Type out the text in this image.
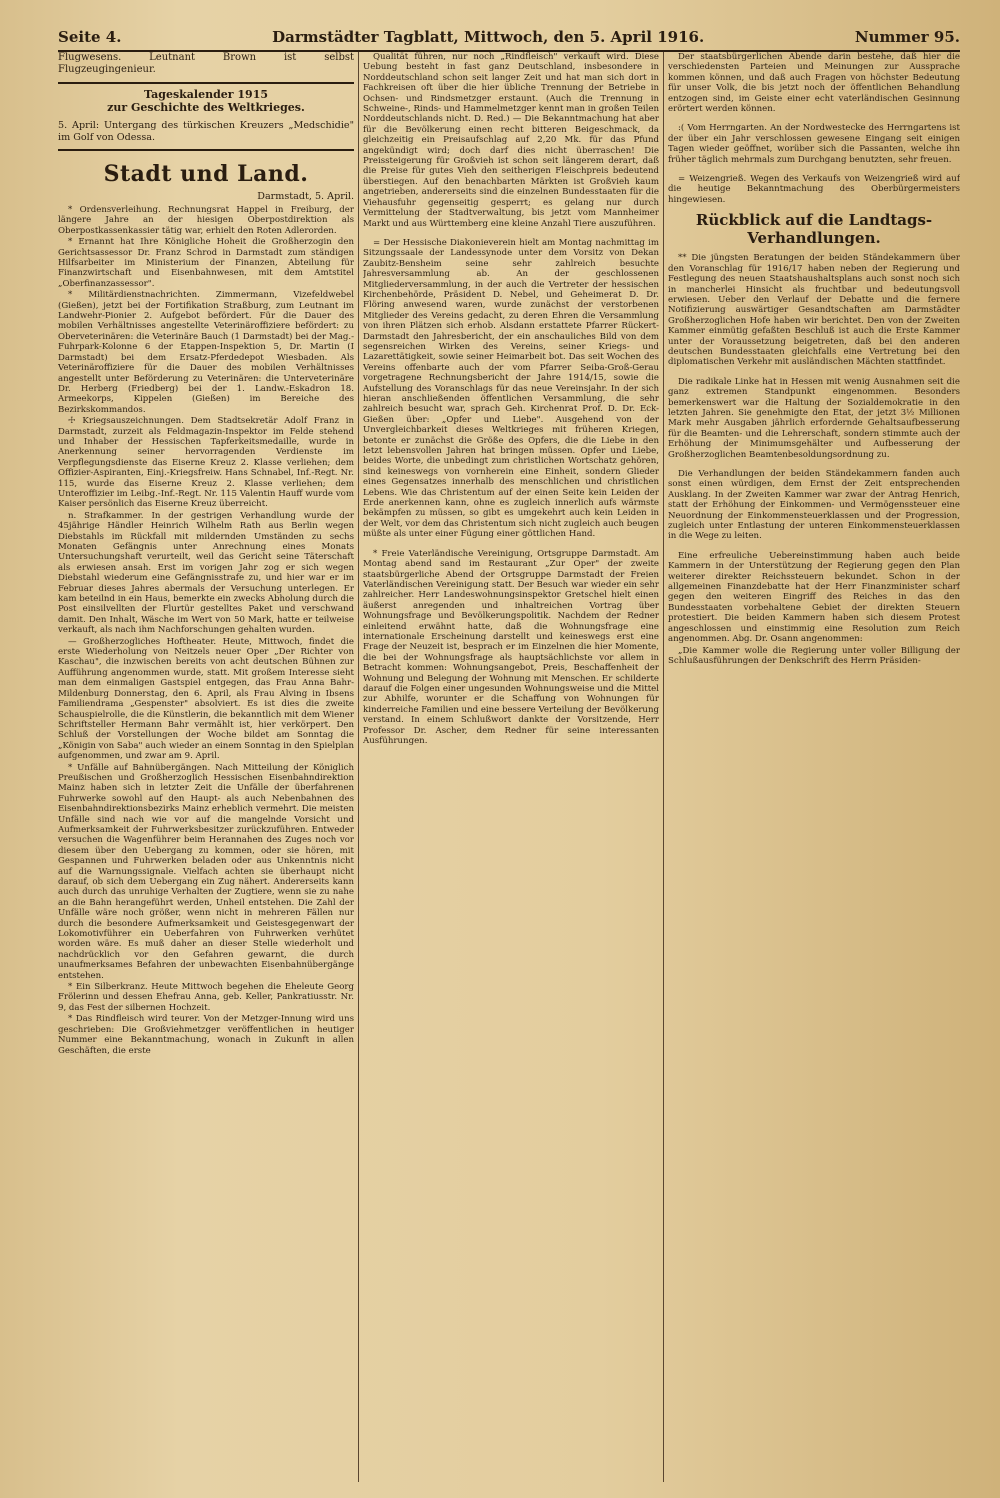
Seite 4.	Darmstädter Tagblatt, Mittwoch, den 5. April 1916.	Nummer 95.

Flugwesens. Leutnant Brown ist selbst Flugzeugingenieur.

Tageskalender 1915
zur Geschichte des Weltkrieges.

5. April: Untergang des türkischen Kreuzers „Medschidie" im Golf von Odessa.

Stadt und Land.
Darmstadt, 5. April.

* Ordensverleihung. Rechnungsrat Happel in Freiburg, der längere Jahre an der hiesigen Oberpostdirektion als Oberpostkassenkassier tätig war, erhielt den Roten Adlerorden.

* Ernannt hat Ihre Königliche Hoheit die Großherzogin den Gerichtsassessor Dr. Franz Schrod in Darmstadt zum ständigen Hilfsarbeiter im Ministerium der Finanzen, Abteilung für Finanzwirtschaft und Eisenbahnwesen, mit dem Amtstitel „Oberfinanzassessor".

* Militärdienstnachrichten. Zimmermann, Vizefeldwebel (Gießen), jetzt bei der Fortifikation Straßburg, zum Leutnant im Landwehr-Pionier 2. Aufgebot befördert. Für die Dauer des mobilen Verhältnisses angestellte Veterinäroffiziere befördert: zu Oberveterinären: die Veterinäre Bauch (1 Darmstadt) bei der Mag.-Fuhrpark-Kolonne 6 der Etappen-Inspektion 5, Dr. Martin (I Darmstadt) bei dem Ersatz-Pferdedepot Wiesbaden. Als Veterinäroffiziere für die Dauer des mobilen Verhältnisses angestellt unter Beförderung zu Veterinären: die Unterveterinäre Dr. Herberg (Friedberg) bei der 1. Landw.-Eskadron 18. Armeekorps, Kippelen (Gießen) im Bereiche des Bezirkskommandos.

☩ Kriegsauszeichnungen. Dem Stadtsekretär Adolf Franz in Darmstadt, zurzeit als Feldmagazin-Inspektor im Felde stehend und Inhaber der Hessischen Tapferkeitsmedaille, wurde in Anerkennung seiner hervorragenden Verdienste im Verpflegungsdienste das Eiserne Kreuz 2. Klasse verliehen; dem Offizier-Aspiranten, Einj.-Kriegsfreiw. Hans Schnabel, Inf.-Regt. Nr. 115, wurde das Eiserne Kreuz 2. Klasse verliehen; dem Unteroffizier im Leibg.-Inf.-Regt. Nr. 115 Valentin Hauff wurde vom Kaiser persönlich das Eiserne Kreuz überreicht.

n. Strafkammer. In der gestrigen Verhandlung wurde der 45jährige Händler Heinrich Wilhelm Rath aus Berlin wegen Diebstahls im Rückfall mit mildernden Umständen zu sechs Monaten Gefängnis unter Anrechnung eines Monats Untersuchungshaft verurteilt, weil das Gericht seine Täterschaft als erwiesen ansah. Erst im vorigen Jahr zog er sich wegen Diebstahl wiederum eine Gefängnisstrafe zu, und hier war er im Februar dieses Jahres abermals der Versuchung unterlegen. Er kam beteilnd in ein Haus, bemerkte ein zwecks Abholung durch die Post einsilvellten der Flurtür gestelltes Paket und verschwand damit. Den Inhalt, Wäsche im Wert von 50 Mark, hatte er teilweise verkauft, als nach ihm Nachforschungen gehalten wurden.

— Großherzogliches Hoftheater. Heute, Mittwoch, findet die erste Wiederholung von Neitzels neuer Oper „Der Richter von Kaschau", die inzwischen bereits von acht deutschen Bühnen zur Aufführung angenommen wurde, statt. Mit großem Interesse sieht man dem einmaligen Gastspiel entgegen, das Frau Anna Bahr-Mildenburg Donnerstag, den 6. April, als Frau Alving in Ibsens Familiendrama „Gespenster" absolviert. Es ist dies die zweite Schauspielrolle, die die Künstlerin, die bekanntlich mit dem Wiener Schriftsteller Hermann Bahr vermählt ist, hier verkörpert. Den Schluß der Vorstellungen der Woche bildet am Sonntag die „Königin von Saba" auch wieder an einem Sonntag in den Spielplan aufgenommen, und zwar am 9. April.

* Unfälle auf Bahnübergängen. Nach Mitteilung der Königlich Preußischen und Großherzoglich Hessischen Eisenbahndirektion Mainz haben sich in letzter Zeit die Unfälle der überfahrenen Fuhrwerke sowohl auf den Haupt- als auch Nebenbahnen des Eisenbahndirektionsbezirks Mainz erheblich vermehrt. Die meisten Unfälle sind nach wie vor auf die mangelnde Vorsicht und Aufmerksamkeit der Fuhrwerksbesitzer zurückzuführen. Entweder versuchen die Wagenführer beim Herannahen des Zuges noch vor diesem über den Uebergang zu kommen, oder sie hören, mit Gespannen und Fuhrwerken beladen oder aus Unkenntnis nicht auf die Warnungssignale. Vielfach achten sie überhaupt nicht darauf, ob sich dem Uebergang ein Zug nähert. Andererseits kann auch durch das unruhige Verhalten der Zugtiere, wenn sie zu nahe an die Bahn herangeführt werden, Unheil entstehen. Die Zahl der Unfälle wäre noch größer, wenn nicht in mehreren Fällen nur durch die besondere Aufmerksamkeit und Geistesgegenwart der Lokomotivführer ein Ueberfahren von Fuhrwerken verhütet worden wäre. Es muß daher an dieser Stelle wiederholt und nachdrücklich vor den Gefahren gewarnt, die durch unaufmerksames Befahren der unbewachten Eisenbahnübergänge entstehen.

* Ein Silberkranz. Heute Mittwoch begehen die Eheleute Georg Frölerinn und dessen Ehefrau Anna, geb. Keller, Pankratiusstr. Nr. 9, das Fest der silbernen Hochzeit.

* Das Rindfleisch wird teurer. Von der Metzger-Innung wird uns geschrieben: Die Großviehmetzger veröffentlichen in heutiger Nummer eine Bekanntmachung, wonach in Zukunft in allen Geschäften, die erste

Qualität führen, nur noch „Rindfleisch" verkauft wird. Diese Uebung besteht in fast ganz Deutschland, insbesondere in Norddeutschland schon seit langer Zeit und hat man sich dort in Fachkreisen oft über die hier übliche Trennung der Betriebe in Ochsen- und Rindsmetzger erstaunt. (Auch die Trennung in Schweine-, Rinds- und Hammelmetzger kennt man in großen Teilen Norddeutschlands nicht. D. Red.) — Die Bekanntmachung hat aber für die Bevölkerung einen recht bitteren Beigeschmack, da gleichzeitig ein Preisaufschlag auf 2,20 Mk. für das Pfund angekündigt wird; doch darf dies nicht überraschen! Die Preissteigerung für Großvieh ist schon seit längerem derart, daß die Preise für gutes Vieh den seitherigen Fleischpreis bedeutend überstiegen. Auf den benachbarten Märkten ist Großvieh kaum angetrieben, andererseits sind die einzelnen Bundesstaaten für die Viehausfuhr gegenseitig gesperrt; es gelang nur durch Vermittelung der Stadtverwaltung, bis jetzt vom Mannheimer Markt und aus Württemberg eine kleine Anzahl Tiere auszuführen.

= Der Hessische Diakonieverein hielt am Montag nachmittag im Sitzungssaale der Landessynode unter dem Vorsitz von Dekan Zaubitz-Bensheim seine sehr zahlreich besuchte Jahresversammlung ab. An der geschlossenen Mitgliederversammlung, in der auch die Vertreter der hessischen Kirchenbehörde, Präsident D. Nebel, und Geheimerat D. Dr. Flöring anwesend waren, wurde zunächst der verstorbenen Mitglieder des Vereins gedacht, zu deren Ehren die Versammlung von ihren Plätzen sich erhob. Alsdann erstattete Pfarrer Rückert-Darmstadt den Jahresbericht, der ein anschauliches Bild von dem segensreichen Wirken des Vereins, seiner Kriegs- und Lazarettätigkeit, sowie seiner Heimarbeit bot. Das seit Wochen des Vereins offenbarte auch der vom Pfarrer Seiba-Groß-Gerau vorgetragene Rechnungsbericht der Jahre 1914/15, sowie die Aufstellung des Voranschlags für das neue Vereinsjahr. In der sich hieran anschließenden öffentlichen Versammlung, die sehr zahlreich besucht war, sprach Geh. Kirchenrat Prof. D. Dr. Eck-Gießen über: „Opfer und Liebe". Ausgehend von der Unvergleichbarkeit dieses Weltkrieges mit früheren Kriegen, betonte er zunächst die Größe des Opfers, die die Liebe in den letzt lebensvollen Jahren hat bringen müssen. Opfer und Liebe, beides Worte, die unbedingt zum christlichen Wortschatz gehören, sind keineswegs von vornherein eine Einheit, sondern Glieder eines Gegensatzes innerhalb des menschlichen und christlichen Lebens. Wie das Christentum auf der einen Seite kein Leiden der Erde anerkennen kann, ohne es zugleich innerlich aufs wärmste bekämpfen zu müssen, so gibt es umgekehrt auch kein Leiden in der Welt, vor dem das Christentum sich nicht zugleich auch beugen müßte als unter einer Fügung einer göttlichen Hand.

* Freie Vaterländische Vereinigung, Ortsgruppe Darmstadt. Am Montag abend sand im Restaurant „Zur Oper" der zweite staatsbürgerliche Abend der Ortsgruppe Darmstadt der Freien Vaterländischen Vereinigung statt. Der Besuch war wieder ein sehr zahlreicher. Herr Landeswohnungsinspektor Gretschel hielt einen äußerst anregenden und inhaltreichen Vortrag über Wohnungsfrage und Bevölkerungspolitik. Nachdem der Redner einleitend erwähnt hatte, daß die Wohnungsfrage eine internationale Erscheinung darstellt und keineswegs erst eine Frage der Neuzeit ist, besprach er im Einzelnen die hier Momente, die bei der Wohnungsfrage als hauptsächlichste vor allem in Betracht kommen: Wohnungsangebot, Preis, Beschaffenheit der Wohnung und Belegung der Wohnung mit Menschen. Er schilderte darauf die Folgen einer ungesunden Wohnungsweise und die Mittel zur Abhilfe, worunter er die Schaffung von Wohnungen für kinderreiche Familien und eine bessere Verteilung der Bevölkerung verstand. In einem Schlußwort dankte der Vorsitzende, Herr Professor Dr. Ascher, dem Redner für seine interessanten Ausführungen.

Der staatsbürgerlichen Abende darin bestehe, daß hier die verschiedensten Parteien und Meinungen zur Aussprache kommen können, und daß auch Fragen von höchster Bedeutung für unser Volk, die bis jetzt noch der öffentlichen Behandlung entzogen sind, im Geiste einer echt vaterländischen Gesinnung erörtert werden können.

:( Vom Herrngarten. An der Nordwestecke des Herrngartens ist der über ein Jahr verschlossen gewesene Eingang seit einigen Tagen wieder geöffnet, worüber sich die Passanten, welche ihn früher täglich mehrmals zum Durchgang benutzten, sehr freuen.

= Weizengrieß. Wegen des Verkaufs von Weizengrieß wird auf die heutige Bekanntmachung des Oberbürgermeisters hingewiesen.

Rückblick auf die Landtags-
Verhandlungen.

** Die jüngsten Beratungen der beiden Ständekammern über den Voranschlag für 1916/17 haben neben der Regierung und Festlegung des neuen Staatshaushaltsplans auch sonst noch sich in mancherlei Hinsicht als fruchtbar und bedeutungsvoll erwiesen. Ueber den Verlauf der Debatte und die fernere Notifizierung auswärtiger Gesandtschaften am Darmstädter Großherzoglichen Hofe haben wir berichtet. Den von der Zweiten Kammer einmütig gefaßten Beschluß ist auch die Erste Kammer unter der Voraussetzung beigetreten, daß bei den anderen deutschen Bundesstaaten gleichfalls eine Vertretung bei den diplomatischen Verkehr mit ausländischen Mächten stattfindet.

Die radikale Linke hat in Hessen mit wenig Ausnahmen seit die ganz extremen Standpunkt eingenommen. Besonders bemerkenswert war die Haltung der Sozialdemokratie in den letzten Jahren. Sie genehmigte den Etat, der jetzt 3½ Millionen Mark mehr Ausgaben jährlich erfordernde Gehaltsaufbesserung für die Beamten- und die Lehrerschaft, sondern stimmte auch der Erhöhung der Minimumsgehälter und Aufbesserung der Großherzoglichen Beamtenbesoldungsordnung zu.

Die Verhandlungen der beiden Ständekammern fanden auch sonst einen würdigen, dem Ernst der Zeit entsprechenden Ausklang. In der Zweiten Kammer war zwar der Antrag Henrich, statt der Erhöhung der Einkommen- und Vermögenssteuer eine Neuordnung der Einkommensteuerklassen und der Progression, zugleich unter Entlastung der unteren Einkommensteuerklassen in die Wege zu leiten.

Eine erfreuliche Uebereinstimmung haben auch beide Kammern in der Unterstützung der Regierung gegen den Plan weiterer direkter Reichssteuern bekundet. Schon in der allgemeinen Finanzdebatte hat der Herr Finanzminister scharf gegen den weiteren Eingriff des Reiches in das den Bundesstaaten vorbehaltene Gebiet der direkten Steuern protestiert. Die beiden Kammern haben sich diesem Protest angeschlossen und einstimmig eine Resolution zum Reich angenommen. Abg. Dr. Osann angenommen:

„Die Kammer wolle die Regierung unter voller Billigung der Schlußausführungen der Denkschrift des Herrn Präsiden-
